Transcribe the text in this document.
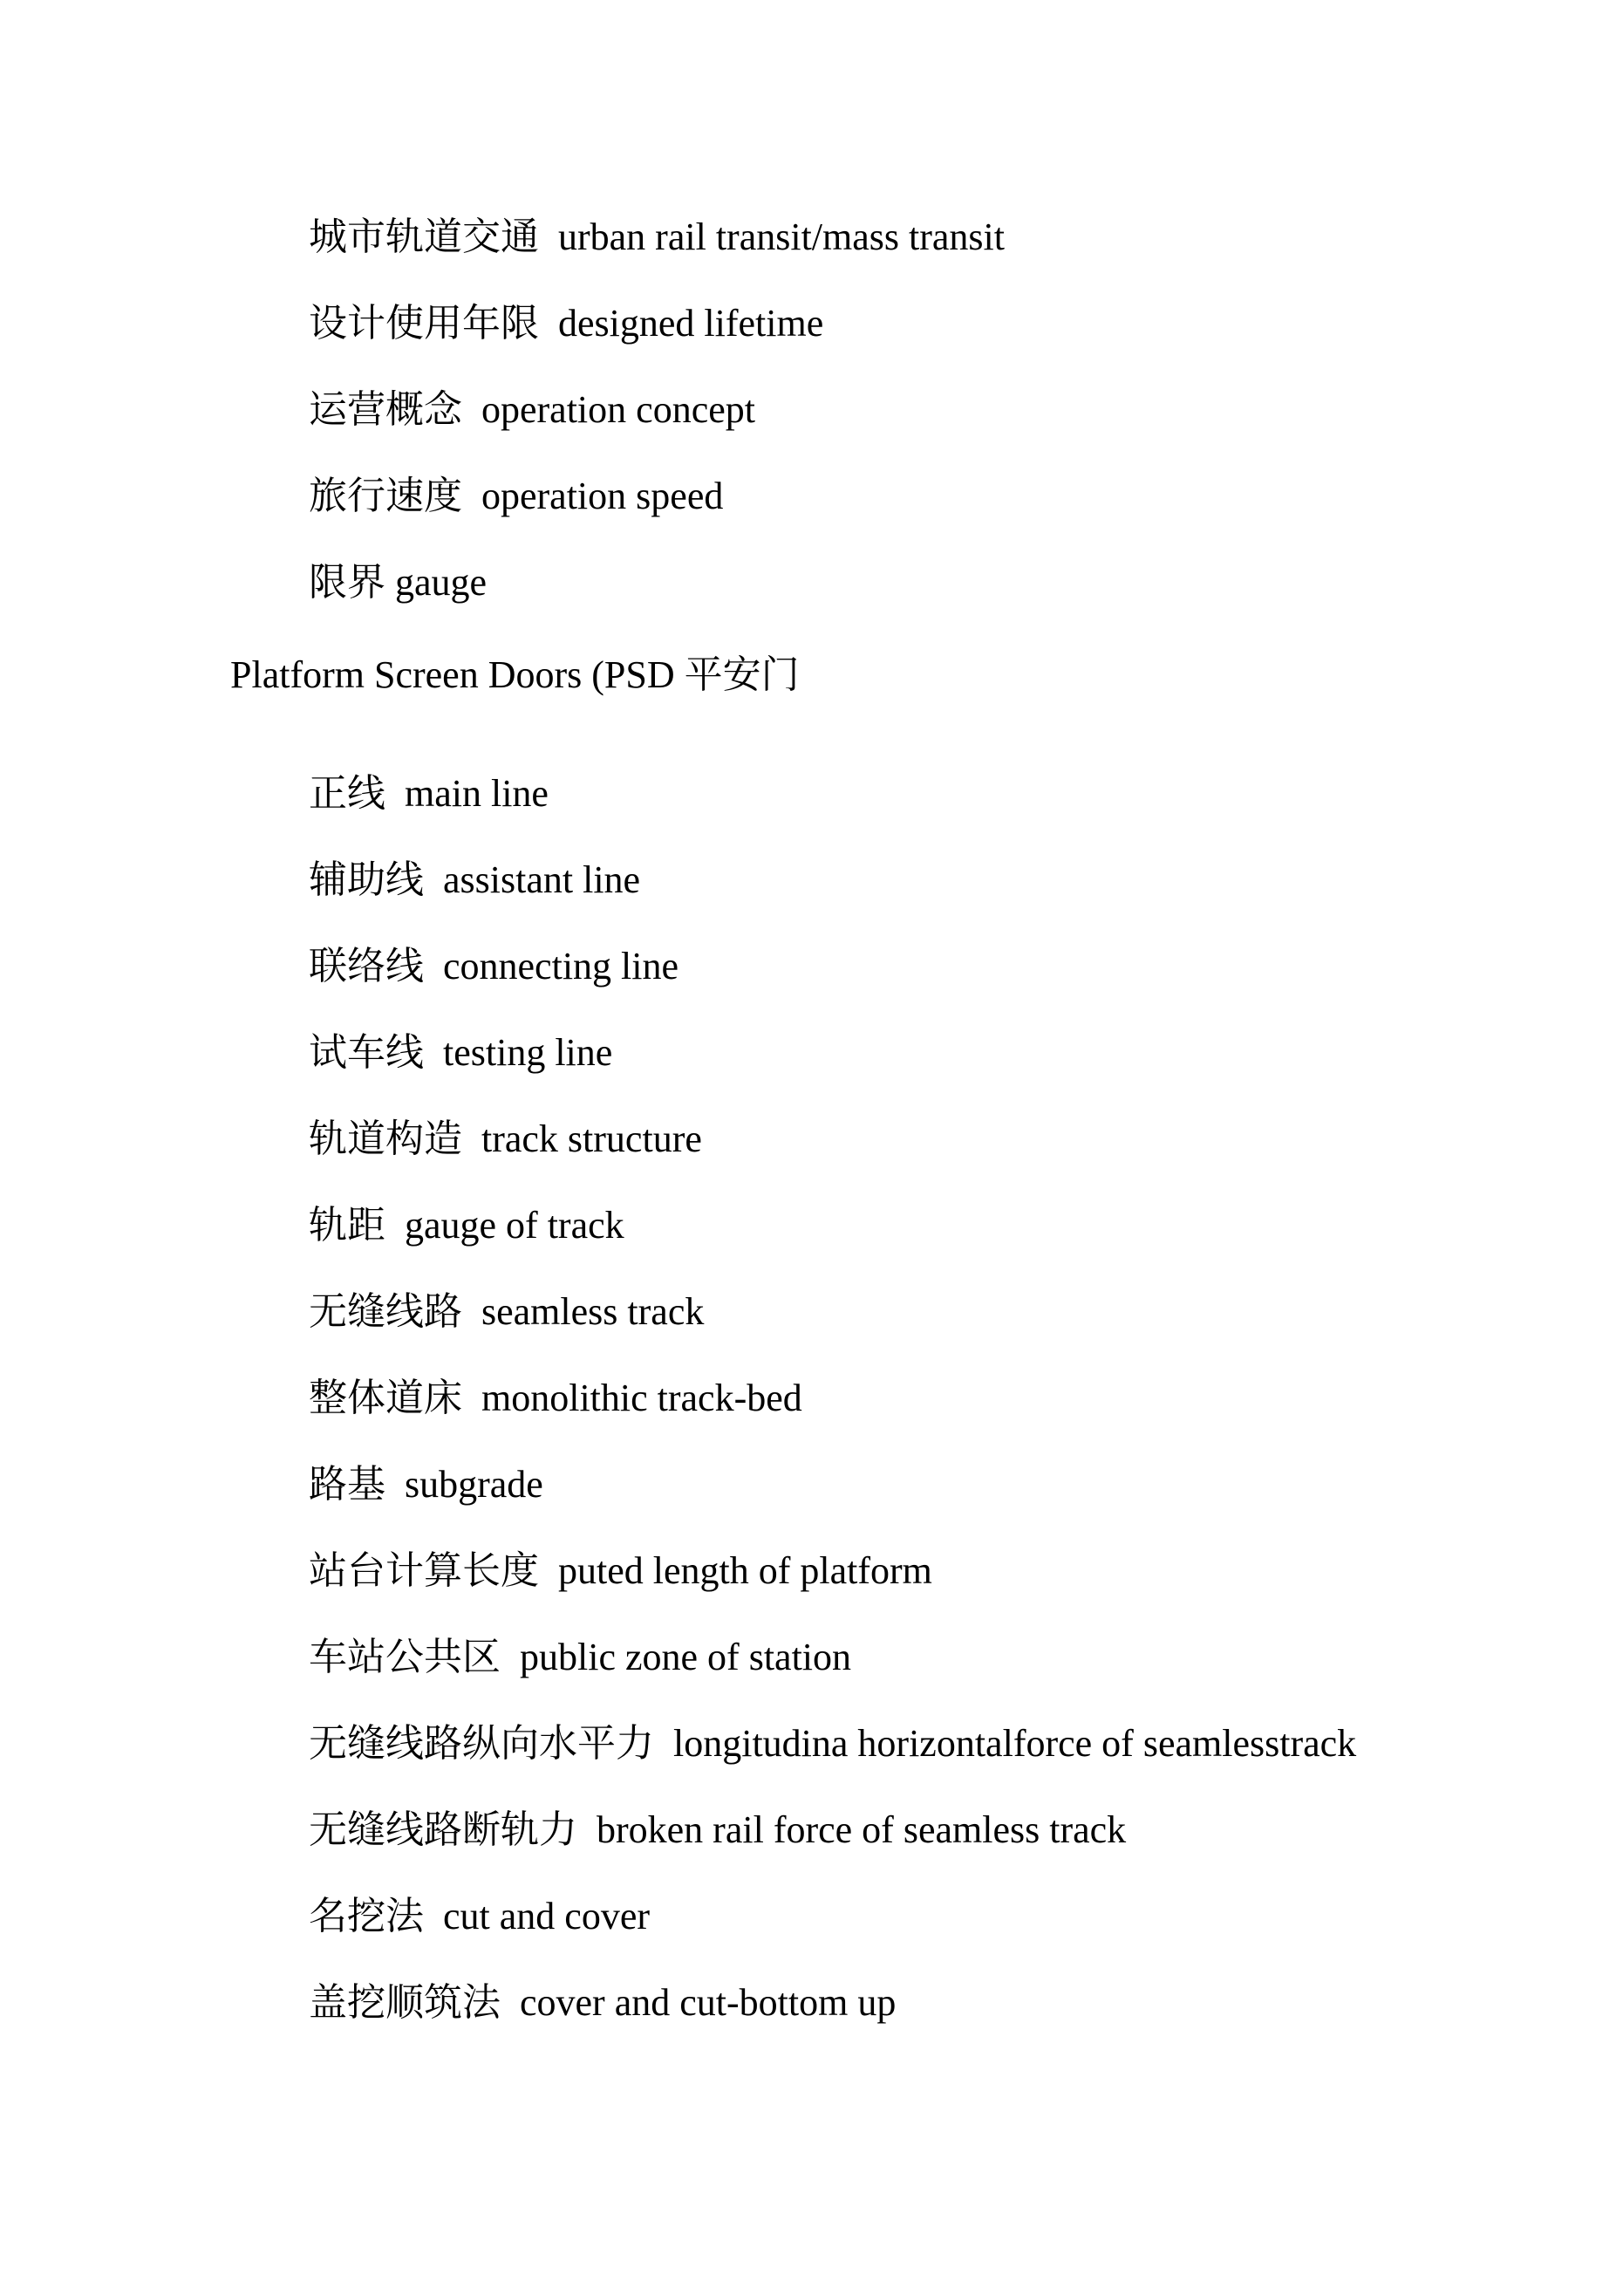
城市轨道交通 urban rail transit/mass transit
设计使用年限 designed lifetime
运营概念 operation concept
旅行速度 operation speed
限界 gauge
Platform Screen Doors (PSD 平安门
正线 main line
辅助线 assistant line
联络线 connecting line
试车线 testing line
轨道构造 track structure
轨距 gauge of track
无缝线路 seamless track
整体道床 monolithic track-bed
路基 subgrade
站台计算长度 puted length of platform
车站公共区 public zone of station
无缝线路纵向水平力 longitudina horizontalforce of seamlesstrack
无缝线路断轨力 broken rail force of seamless track
名挖法 cut and cover
盖挖顺筑法 cover and cut-bottom up
